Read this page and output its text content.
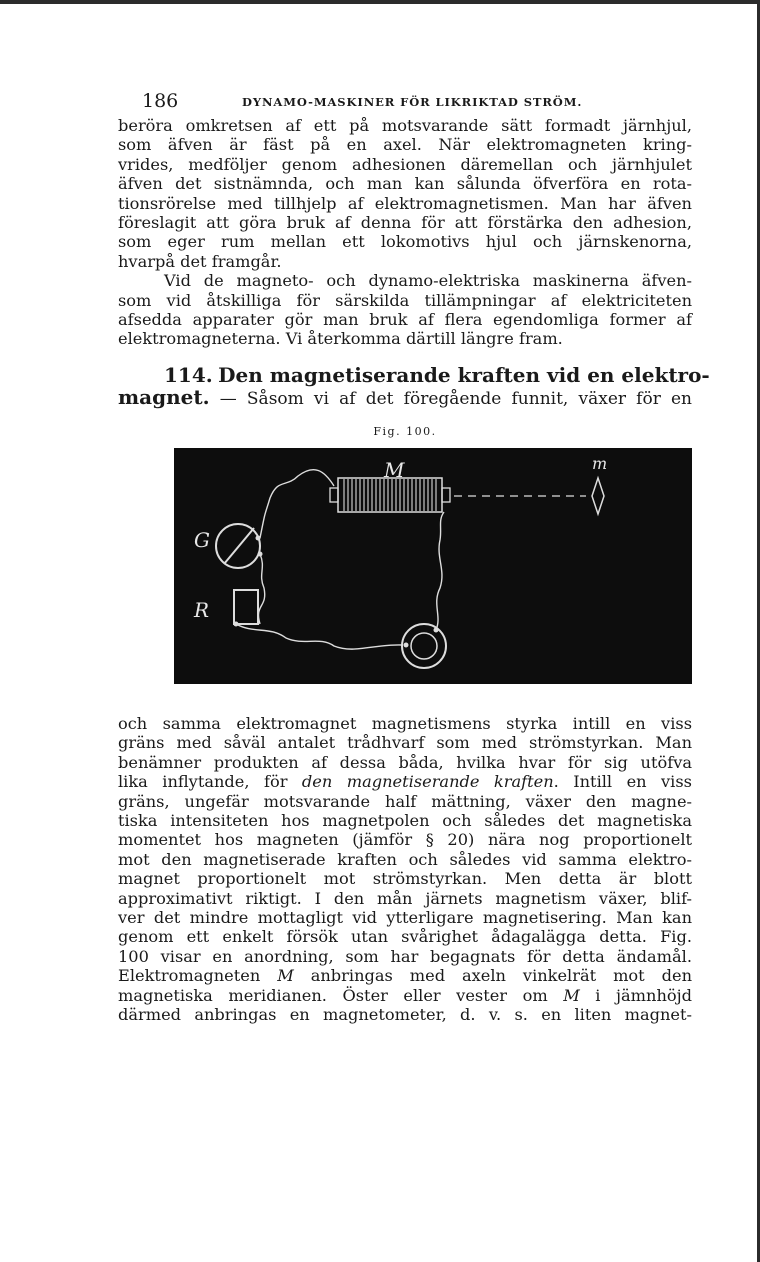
186	DYNAMO-MASKINER FÖR LIKRIKTAD STRÖM.

beröra omkretsen af ett på motsvarande sätt formadt järnhjul,
som äfven är fäst på en axel. När elektromagneten kring-
vrides, medföljer genom adhesionen däremellan och järnhjulet
äfven det sistnämnda, och man kan sålunda öfverföra en rota-
tionsrörelse med tillhjelp af elektromagnetismen. Man har äfven
föreslagit att göra bruk af denna för att förstärka den adhesion,
som eger rum mellan ett lokomotivs hjul och järnskenorna,
hvarpå det framgår.

Vid de magneto- och dynamo-elektriska maskinerna äfven-
som vid åtskilliga för särskilda tillämpningar af elektriciteten
afsedda apparater gör man bruk af flera egendomliga former af
elektromagneterna. Vi återkomma därtill längre fram.

114. Den magnetiserande kraften vid en elektro-
magnet. — Såsom vi af det föregående funnit, växer för en

Fig. 100.
M	m
G
R

och samma elektromagnet magnetismens styrka intill en viss
gräns med såväl antalet trådhvarf som med strömstyrkan. Man
benämner produkten af dessa båda, hvilka hvar för sig utöfva
lika inflytande, för den magnetiserande kraften. Intill en viss
gräns, ungefär motsvarande half mättning, växer den magne-
tiska intensiteten hos magnetpolen och således det magnetiska
momentet hos magneten (jämför § 20) nära nog proportionelt
mot den magnetiserade kraften och således vid samma elektro-
magnet proportionelt mot strömstyrkan. Men detta är blott
approximativt riktigt. I den mån järnets magnetism växer, blif-
ver det mindre mottagligt vid ytterligare magnetisering. Man kan
genom ett enkelt försök utan svårighet ådagalägga detta. Fig.
100 visar en anordning, som har begagnats för detta ändamål.
Elektromagneten M anbringas med axeln vinkelrät mot den
magnetiska meridianen. Öster eller vester om M i jämnhöjd
därmed anbringas en magnetometer, d. v. s. en liten magnet-
